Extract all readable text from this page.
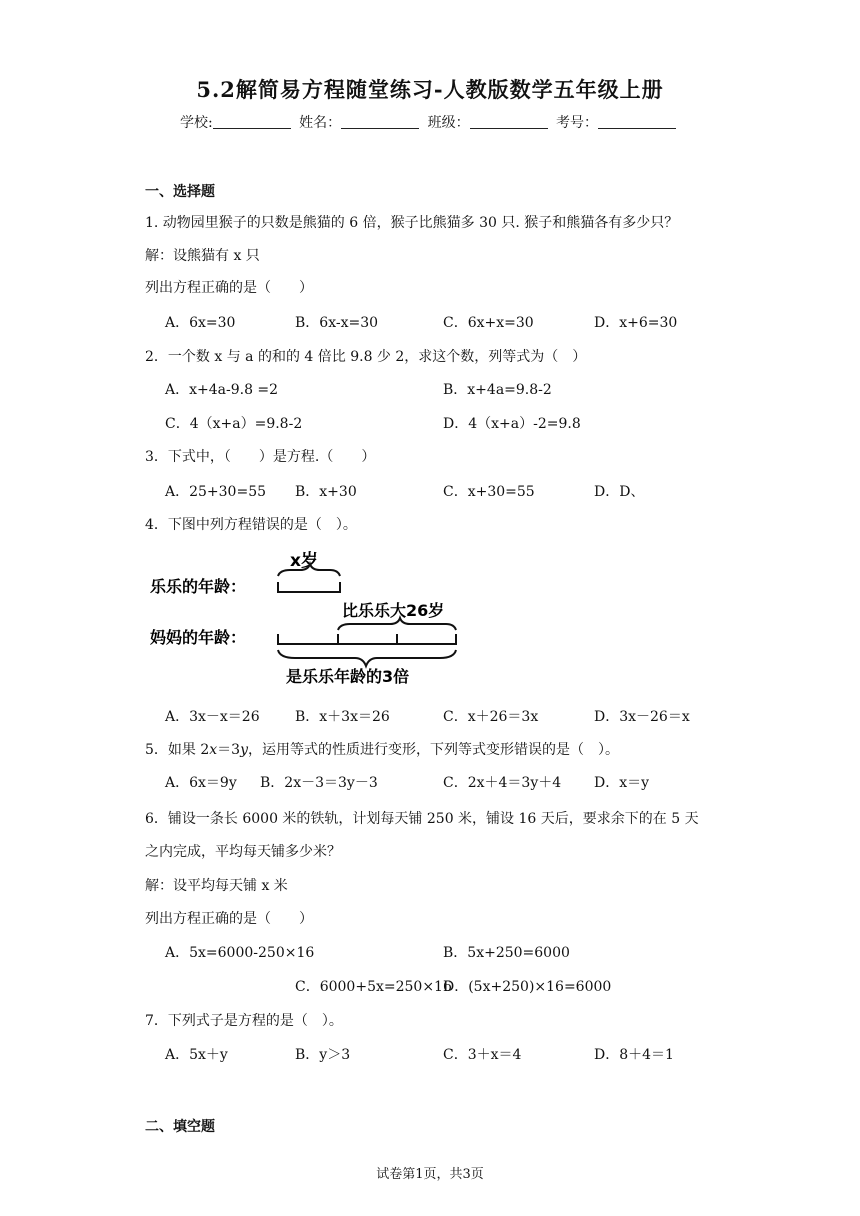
5.2解简易方程随堂练习-人教版数学五年级上册
学校:	姓名：	班级：	考号：
一、选择题
1. 动物园里猴子的只数是熊猫的 6 倍，猴子比熊猫多 30 只. 猴子和熊猫各有多少只？
解：设熊猫有 x 只
列出方程正确的是（　　）
A．6x=30	B．6x-x=30	C．6x+x=30	D．x+6=30
2．一个数 x 与 a 的和的 4 倍比 9.8 少 2，求这个数，列等式为（　）
A．x+4a-9.8 =2	B．x+4a=9.8-2
C．4（x+a）=9.8-2	D．4（x+a）-2=9.8
3．下式中，（　　）是方程.（　　）
A．25+30=55 B．x+30	C．x+30=55	D．D、
4．下图中列方程错误的是（　）。
x岁
乐乐的年龄：
比乐乐大26岁
妈妈的年龄：
是乐乐年龄的3倍
A．3x－x＝26	B．x＋3x＝26	C．x＋26＝3x	D．3x－26＝x
5．如果 2x＝3y，运用等式的性质进行变形，下列等式变形错误的是（　）。
A．6x＝9y B．2x－3＝3y－3	C．2x＋4＝3y＋4 D．x＝y
6．铺设一条长 6000 米的铁轨，计划每天铺 250 米，铺设 16 天后，要求余下的在 5 天
之内完成，平均每天铺多少米？
解：设平均每天铺 x 米
列出方程正确的是（　　）
A．5x=6000-250×16	B．5x+250=6000
C．6000+5x=250×16
D．(5x+250)×16=6000
7．下列式子是方程的是（　）。
A．5x＋y	B．y＞3	C．3＋x＝4	D．8＋4＝1
二、填空题
试卷第1页，共3页
